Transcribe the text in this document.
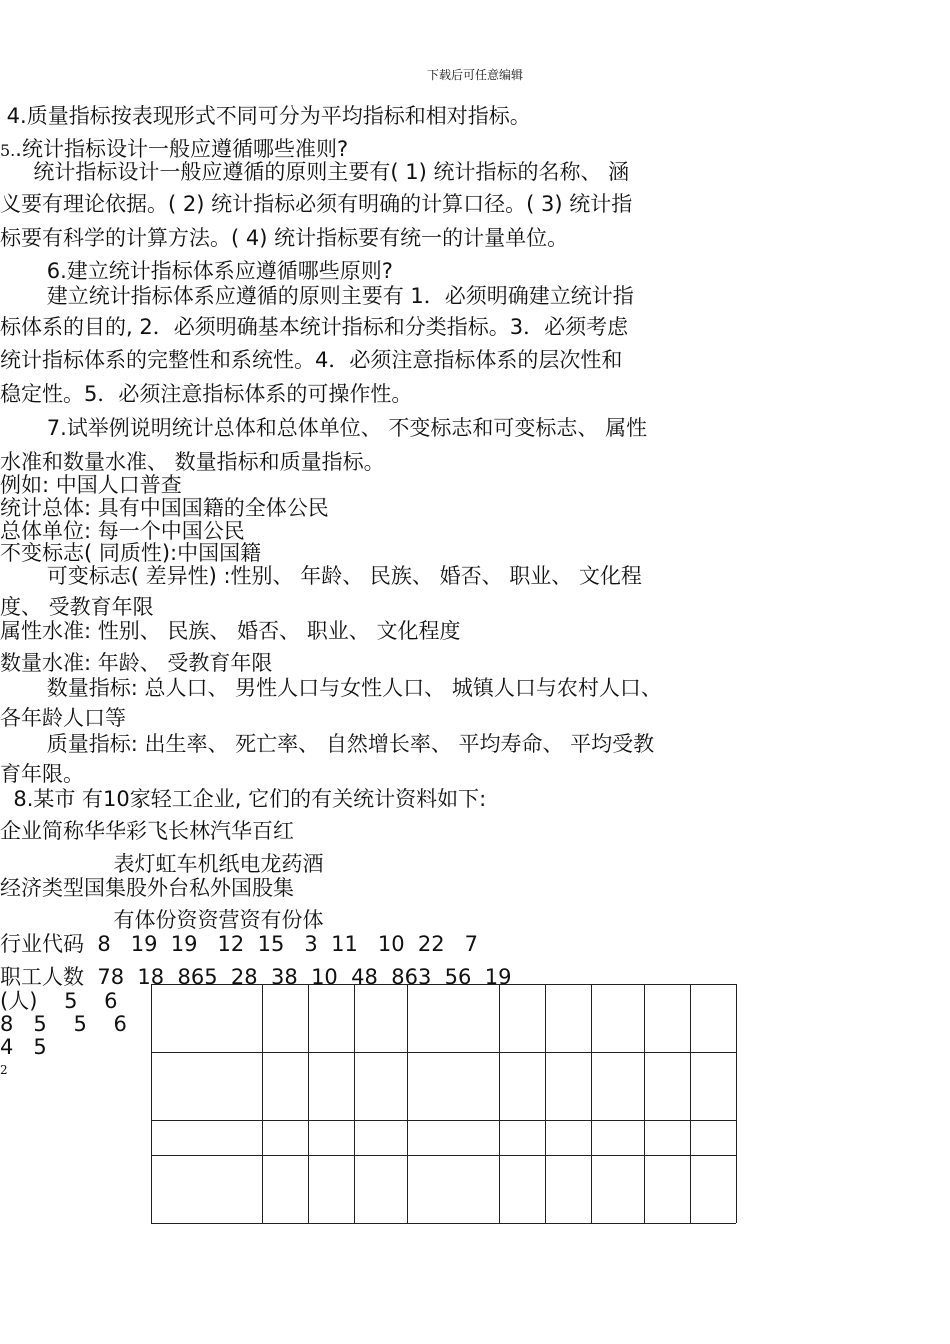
下载后可任意编辑
4.质量指标按表现形式不同可分为平均指标和相对指标。
5..统计指标设计一般应遵循哪些准则?
统计指标设计一般应遵循的原则主要有( 1) 统计指标的名称、 涵
义要有理论依据。( 2) 统计指标必须有明确的计算口径。( 3) 统计指
标要有科学的计算方法。( 4) 统计指标要有统一的计量单位。
6.建立统计指标体系应遵循哪些原则?
建立统计指标体系应遵循的原则主要有 1．必须明确建立统计指
标体系的目的, 2．必须明确基本统计指标和分类指标。3．必须考虑
统计指标体系的完整性和系统性。4．必须注意指标体系的层次性和
稳定性。5．必须注意指标体系的可操作性。
7.试举例说明统计总体和总体单位、 不变标志和可变标志、 属性
水准和数量水准、 数量指标和质量指标。
例如: 中国人口普查
统计总体: 具有中国国籍的全体公民
总体单位: 每一个中国公民
不变标志( 同质性):中国国籍
可变标志( 差异性) :性别、 年龄、 民族、 婚否、 职业、 文化程
度、 受教育年限
属性水准: 性别、 民族、 婚否、 职业、 文化程度
数量水准: 年龄、 受教育年限
数量指标: 总人口、 男性人口与女性人口、 城镇人口与农村人口、
各年龄人口等
质量指标: 出生率、 死亡率、 自然增长率、 平均寿命、 平均受教
育年限。
8.某市 有10家轻工企业, 它们的有关统计资料如下:
企业简称华华彩飞长林汽华百红
表灯虹车机纸电龙药酒
经济类型国集股外台私外国股集
有体份资资营资有份体
行业代码  8   19  19   12  15   3  11   10  22   7
职工人数  78  18  865  28  38  10  48  863  56  19
(人)    5    6
8   5    5    6
4   5
2
